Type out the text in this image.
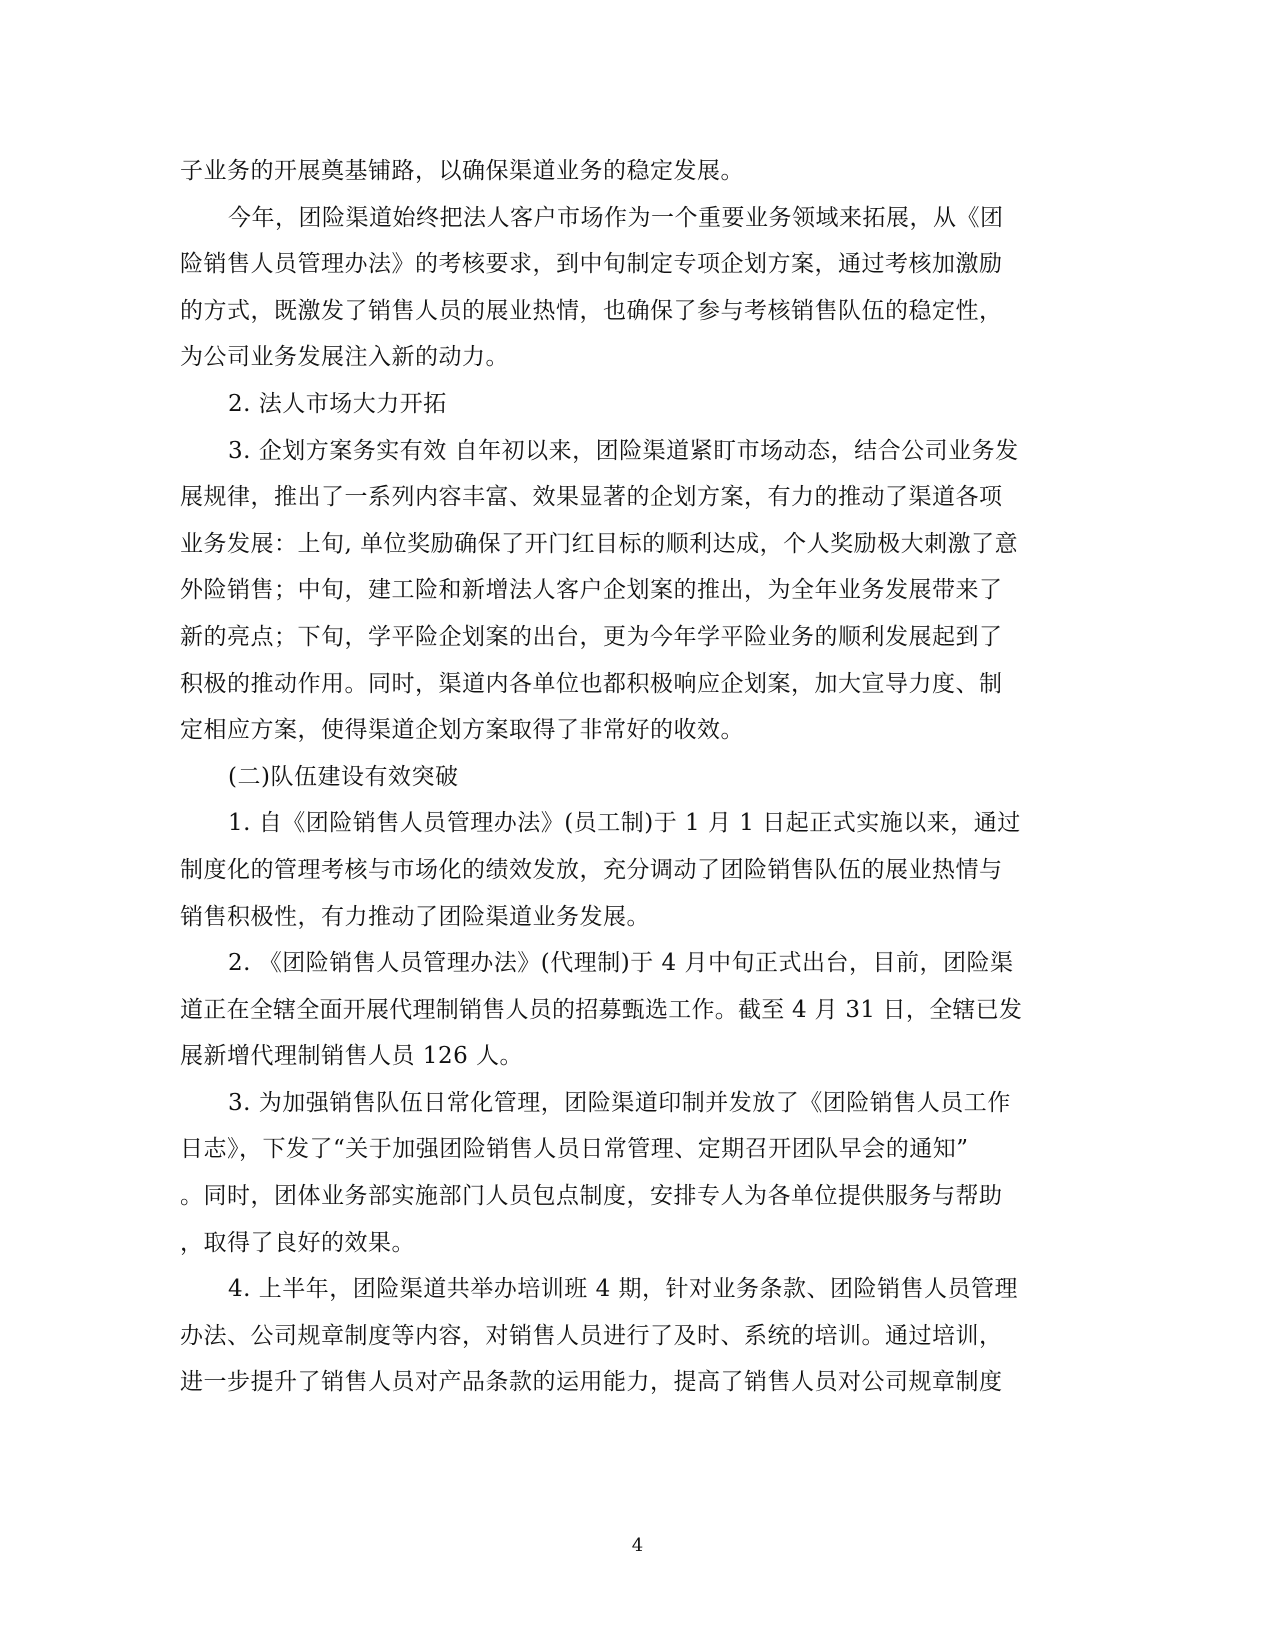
子业务的开展奠基铺路，以确保渠道业务的稳定发展。
今年，团险渠道始终把法人客户市场作为一个重要业务领域来拓展，从《团
险销售人员管理办法》的考核要求，到中旬制定专项企划方案，通过考核加激励
的方式，既激发了销售人员的展业热情，也确保了参与考核销售队伍的稳定性，
为公司业务发展注入新的动力。
2. 法人市场大力开拓
3. 企划方案务实有效 自年初以来，团险渠道紧盯市场动态，结合公司业务发
展规律，推出了一系列内容丰富、效果显著的企划方案，有力的推动了渠道各项
业务发展：上旬, 单位奖励确保了开门红目标的顺利达成，个人奖励极大刺激了意
外险销售；中旬，建工险和新增法人客户企划案的推出，为全年业务发展带来了
新的亮点；下旬，学平险企划案的出台，更为今年学平险业务的顺利发展起到了
积极的推动作用。同时，渠道内各单位也都积极响应企划案，加大宣导力度、制
定相应方案，使得渠道企划方案取得了非常好的收效。
(二)队伍建设有效突破
1. 自《团险销售人员管理办法》(员工制)于 1 月 1 日起正式实施以来，通过
制度化的管理考核与市场化的绩效发放，充分调动了团险销售队伍的展业热情与
销售积极性，有力推动了团险渠道业务发展。
2. 《团险销售人员管理办法》(代理制)于 4 月中旬正式出台，目前，团险渠
道正在全辖全面开展代理制销售人员的招募甄选工作。截至 4 月 31 日，全辖已发
展新增代理制销售人员 126 人。
3. 为加强销售队伍日常化管理，团险渠道印制并发放了《团险销售人员工作
日志》，下发了“关于加强团险销售人员日常管理、定期召开团队早会的通知”
。同时，团体业务部实施部门人员包点制度，安排专人为各单位提供服务与帮助
，取得了良好的效果。
4. 上半年，团险渠道共举办培训班 4 期，针对业务条款、团险销售人员管理
办法、公司规章制度等内容，对销售人员进行了及时、系统的培训。通过培训，
进一步提升了销售人员对产品条款的运用能力，提高了销售人员对公司规章制度
4
